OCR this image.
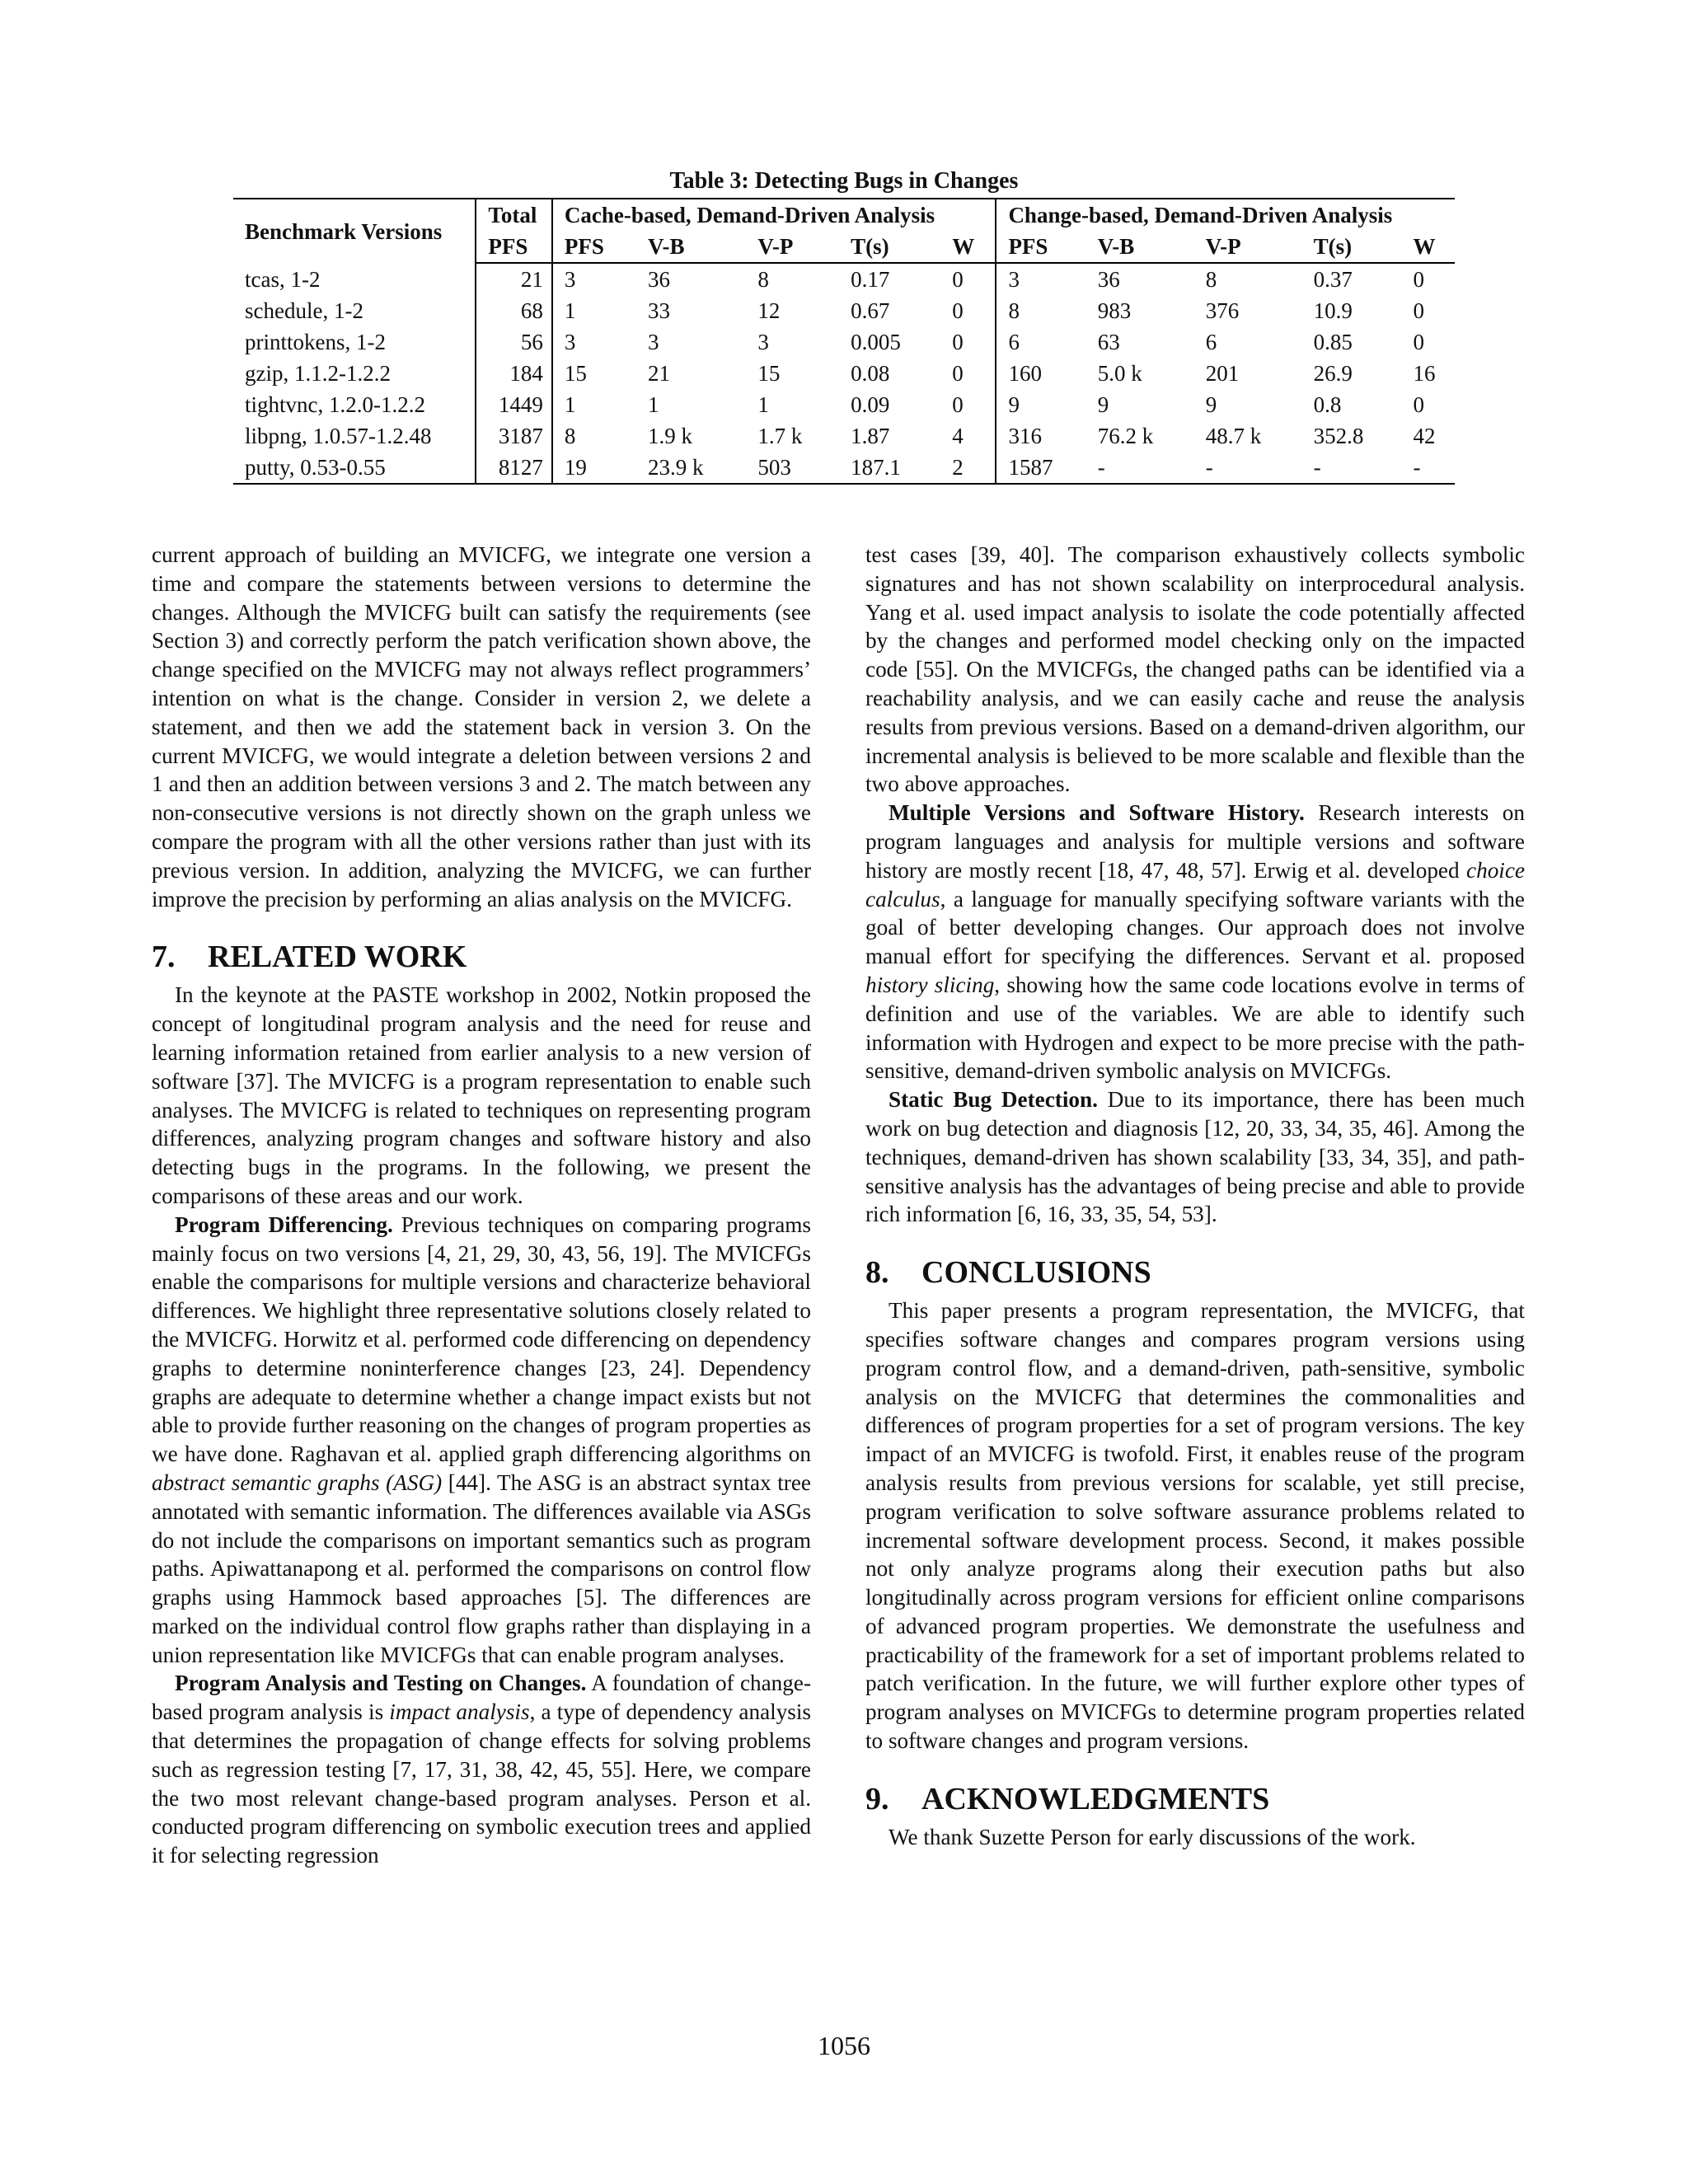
Table 3: Detecting Bugs in Changes
Benchmark Versions	Total	Cache-based, Demand-Driven Analysis					Change-based, Demand-Driven Analysis				
	PFS	PFS	V-B	V-P	T(s)	W	PFS	V-B	V-P	T(s)	W
tcas, 1-2	21	3	36	8	0.17	0	3	36	8	0.37	0
schedule, 1-2	68	1	33	12	0.67	0	8	983	376	10.9	0
printtokens, 1-2	56	3	3	3	0.005	0	6	63	6	0.85	0
gzip, 1.1.2-1.2.2	184	15	21	15	0.08	0	160	5.0 k	201	26.9	16
tightvnc, 1.2.0-1.2.2	1449	1	1	1	0.09	0	9	9	9	0.8	0
libpng, 1.0.57-1.2.48	3187	8	1.9 k	1.7 k	1.87	4	316	76.2 k	48.7 k	352.8	42
putty, 0.53-0.55	8127	19	23.9 k	503	187.1	2	1587	-	-	-	-

current approach of building an MVICFG, we integrate one version a time and compare the statements between versions to determine the changes. Although the MVICFG built can satisfy the requirements (see Section 3) and correctly perform the patch verification shown above, the change specified on the MVICFG may not always reflect programmers’ intention on what is the change. Consider in version 2, we delete a statement, and then we add the statement back in version 3. On the current MVICFG, we would integrate a deletion between versions 2 and 1 and then an addition between versions 3 and 2. The match between any non-consecutive versions is not directly shown on the graph unless we compare the program with all the other versions rather than just with its previous version. In addition, analyzing the MVICFG, we can further improve the precision by performing an alias analysis on the MVICFG.

7. RELATED WORK

In the keynote at the PASTE workshop in 2002, Notkin proposed the concept of longitudinal program analysis and the need for reuse and learning information retained from earlier analysis to a new version of software [37]. The MVICFG is a program representation to enable such analyses. The MVICFG is related to techniques on representing program differences, analyzing program changes and software history and also detecting bugs in the programs. In the following, we present the comparisons of these areas and our work.

Program Differencing. Previous techniques on comparing programs mainly focus on two versions [4, 21, 29, 30, 43, 56, 19]. The MVICFGs enable the comparisons for multiple versions and characterize behavioral differences. We highlight three representative solutions closely related to the MVICFG. Horwitz et al. performed code differencing on dependency graphs to determine noninterference changes [23, 24]. Dependency graphs are adequate to determine whether a change impact exists but not able to provide further reasoning on the changes of program properties as we have done. Raghavan et al. applied graph differencing algorithms on abstract semantic graphs (ASG) [44]. The ASG is an abstract syntax tree annotated with semantic information. The differences available via ASGs do not include the comparisons on important semantics such as program paths. Apiwattanapong et al. performed the comparisons on control flow graphs using Hammock based approaches [5]. The differences are marked on the individual control flow graphs rather than displaying in a union representation like MVICFGs that can enable program analyses.

Program Analysis and Testing on Changes. A foundation of change-based program analysis is impact analysis, a type of dependency analysis that determines the propagation of change effects for solving problems such as regression testing [7, 17, 31, 38, 42, 45, 55]. Here, we compare the two most relevant change-based program analyses. Person et al. conducted program differencing on symbolic execution trees and applied it for selecting regression

test cases [39, 40]. The comparison exhaustively collects symbolic signatures and has not shown scalability on interprocedural analysis. Yang et al. used impact analysis to isolate the code potentially affected by the changes and performed model checking only on the impacted code [55]. On the MVICFGs, the changed paths can be identified via a reachability analysis, and we can easily cache and reuse the analysis results from previous versions. Based on a demand-driven algorithm, our incremental analysis is believed to be more scalable and flexible than the two above approaches.

Multiple Versions and Software History. Research interests on program languages and analysis for multiple versions and software history are mostly recent [18, 47, 48, 57]. Erwig et al. developed choice calculus, a language for manually specifying software variants with the goal of better developing changes. Our approach does not involve manual effort for specifying the differences. Servant et al. proposed history slicing, showing how the same code locations evolve in terms of definition and use of the variables. We are able to identify such information with Hydrogen and expect to be more precise with the path-sensitive, demand-driven symbolic analysis on MVICFGs.

Static Bug Detection. Due to its importance, there has been much work on bug detection and diagnosis [12, 20, 33, 34, 35, 46]. Among the techniques, demand-driven has shown scalability [33, 34, 35], and path-sensitive analysis has the advantages of being precise and able to provide rich information [6, 16, 33, 35, 54, 53].

8. CONCLUSIONS

This paper presents a program representation, the MVICFG, that specifies software changes and compares program versions using program control flow, and a demand-driven, path-sensitive, symbolic analysis on the MVICFG that determines the commonalities and differences of program properties for a set of program versions. The key impact of an MVICFG is twofold. First, it enables reuse of the program analysis results from previous versions for scalable, yet still precise, program verification to solve software assurance problems related to incremental software development process. Second, it makes possible not only analyze programs along their execution paths but also longitudinally across program versions for efficient online comparisons of advanced program properties. We demonstrate the usefulness and practicability of the framework for a set of important problems related to patch verification. In the future, we will further explore other types of program analyses on MVICFGs to determine program properties related to software changes and program versions.

9. ACKNOWLEDGMENTS

We thank Suzette Person for early discussions of the work.

1056
